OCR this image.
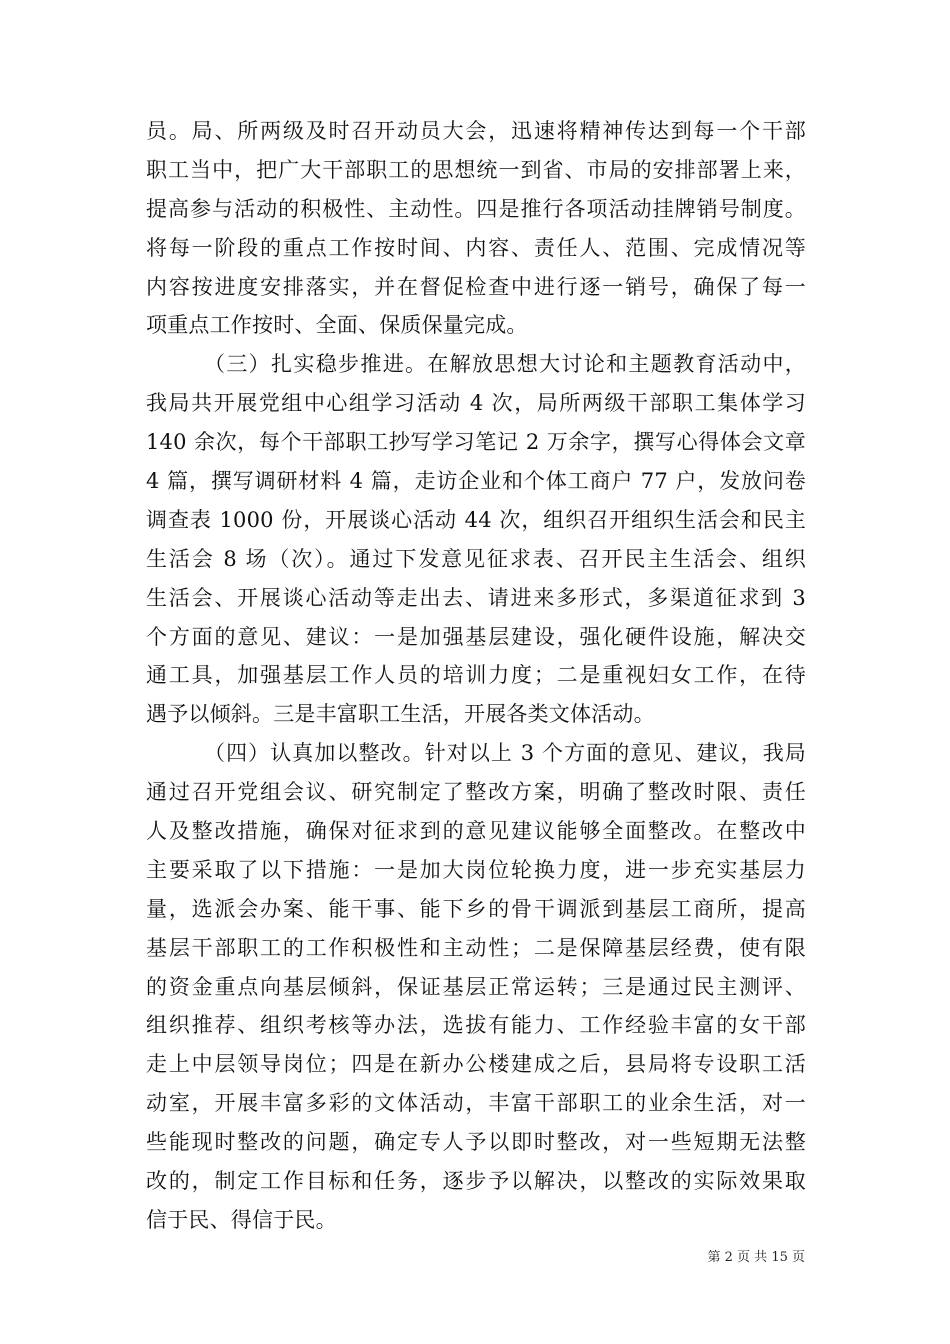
员。局、所两级及时召开动员大会，迅速将精神传达到每一个干部
职工当中，把广大干部职工的思想统一到省、市局的安排部署上来，
提高参与活动的积极性、主动性。四是推行各项活动挂牌销号制度。
将每一阶段的重点工作按时间、内容、责任人、范围、完成情况等
内容按进度安排落实，并在督促检查中进行逐一销号，确保了每一
项重点工作按时、全面、保质保量完成。
（三）扎实稳步推进。在解放思想大讨论和主题教育活动中，
我局共开展党组中心组学习活动 4 次，局所两级干部职工集体学习
140 余次，每个干部职工抄写学习笔记 2 万余字，撰写心得体会文章
4 篇，撰写调研材料 4 篇，走访企业和个体工商户 77 户，发放问卷
调查表 1000 份，开展谈心活动 44 次，组织召开组织生活会和民主
生活会 8 场（次）。通过下发意见征求表、召开民主生活会、组织
生活会、开展谈心活动等走出去、请进来多形式，多渠道征求到 3
个方面的意见、建议：一是加强基层建设，强化硬件设施，解决交
通工具，加强基层工作人员的培训力度；二是重视妇女工作，在待
遇予以倾斜。三是丰富职工生活，开展各类文体活动。
（四）认真加以整改。针对以上 3 个方面的意见、建议，我局
通过召开党组会议、研究制定了整改方案，明确了整改时限、责任
人及整改措施，确保对征求到的意见建议能够全面整改。在整改中
主要采取了以下措施：一是加大岗位轮换力度，进一步充实基层力
量，选派会办案、能干事、能下乡的骨干调派到基层工商所，提高
基层干部职工的工作积极性和主动性；二是保障基层经费，使有限
的资金重点向基层倾斜，保证基层正常运转；三是通过民主测评、
组织推荐、组织考核等办法，选拔有能力、工作经验丰富的女干部
走上中层领导岗位；四是在新办公楼建成之后，县局将专设职工活
动室，开展丰富多彩的文体活动，丰富干部职工的业余生活，对一
些能现时整改的问题，确定专人予以即时整改，对一些短期无法整
改的，制定工作目标和任务，逐步予以解决，以整改的实际效果取
信于民、得信于民。
第 2 页 共 15 页
